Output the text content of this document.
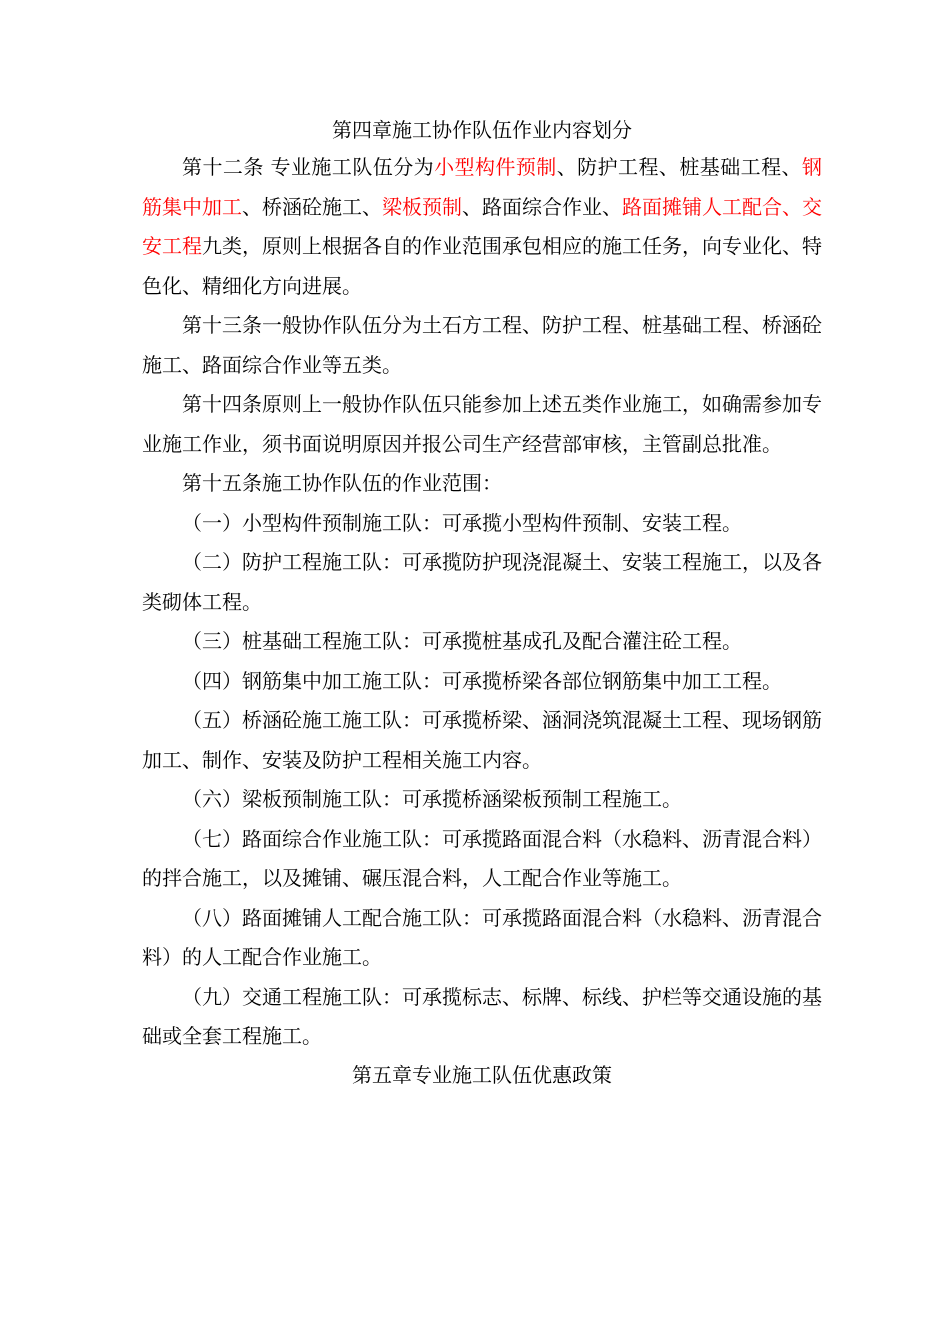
第四章施工协作队伍作业内容划分

第十二条 专业施工队伍分为小型构件预制、防护工程、桩基础工程、钢筋集中加工、桥涵砼施工、梁板预制、路面综合作业、路面摊铺人工配合、交安工程九类，原则上根据各自的作业范围承包相应的施工任务，向专业化、特色化、精细化方向进展。

第十三条一般协作队伍分为土石方工程、防护工程、桩基础工程、桥涵砼施工、路面综合作业等五类。

第十四条原则上一般协作队伍只能参加上述五类作业施工，如确需参加专业施工作业，须书面说明原因并报公司生产经营部审核，主管副总批准。

第十五条施工协作队伍的作业范围：

（一）小型构件预制施工队：可承揽小型构件预制、安装工程。

（二）防护工程施工队：可承揽防护现浇混凝土、安装工程施工，以及各类砌体工程。

（三）桩基础工程施工队：可承揽桩基成孔及配合灌注砼工程。

（四）钢筋集中加工施工队：可承揽桥梁各部位钢筋集中加工工程。

（五）桥涵砼施工施工队：可承揽桥梁、涵洞浇筑混凝土工程、现场钢筋加工、制作、安装及防护工程相关施工内容。

（六）梁板预制施工队：可承揽桥涵梁板预制工程施工。

（七）路面综合作业施工队：可承揽路面混合料（水稳料、沥青混合料）的拌合施工，以及摊铺、碾压混合料，人工配合作业等施工。

（八）路面摊铺人工配合施工队：可承揽路面混合料（水稳料、沥青混合料）的人工配合作业施工。

（九）交通工程施工队：可承揽标志、标牌、标线、护栏等交通设施的基础或全套工程施工。

第五章专业施工队伍优惠政策
